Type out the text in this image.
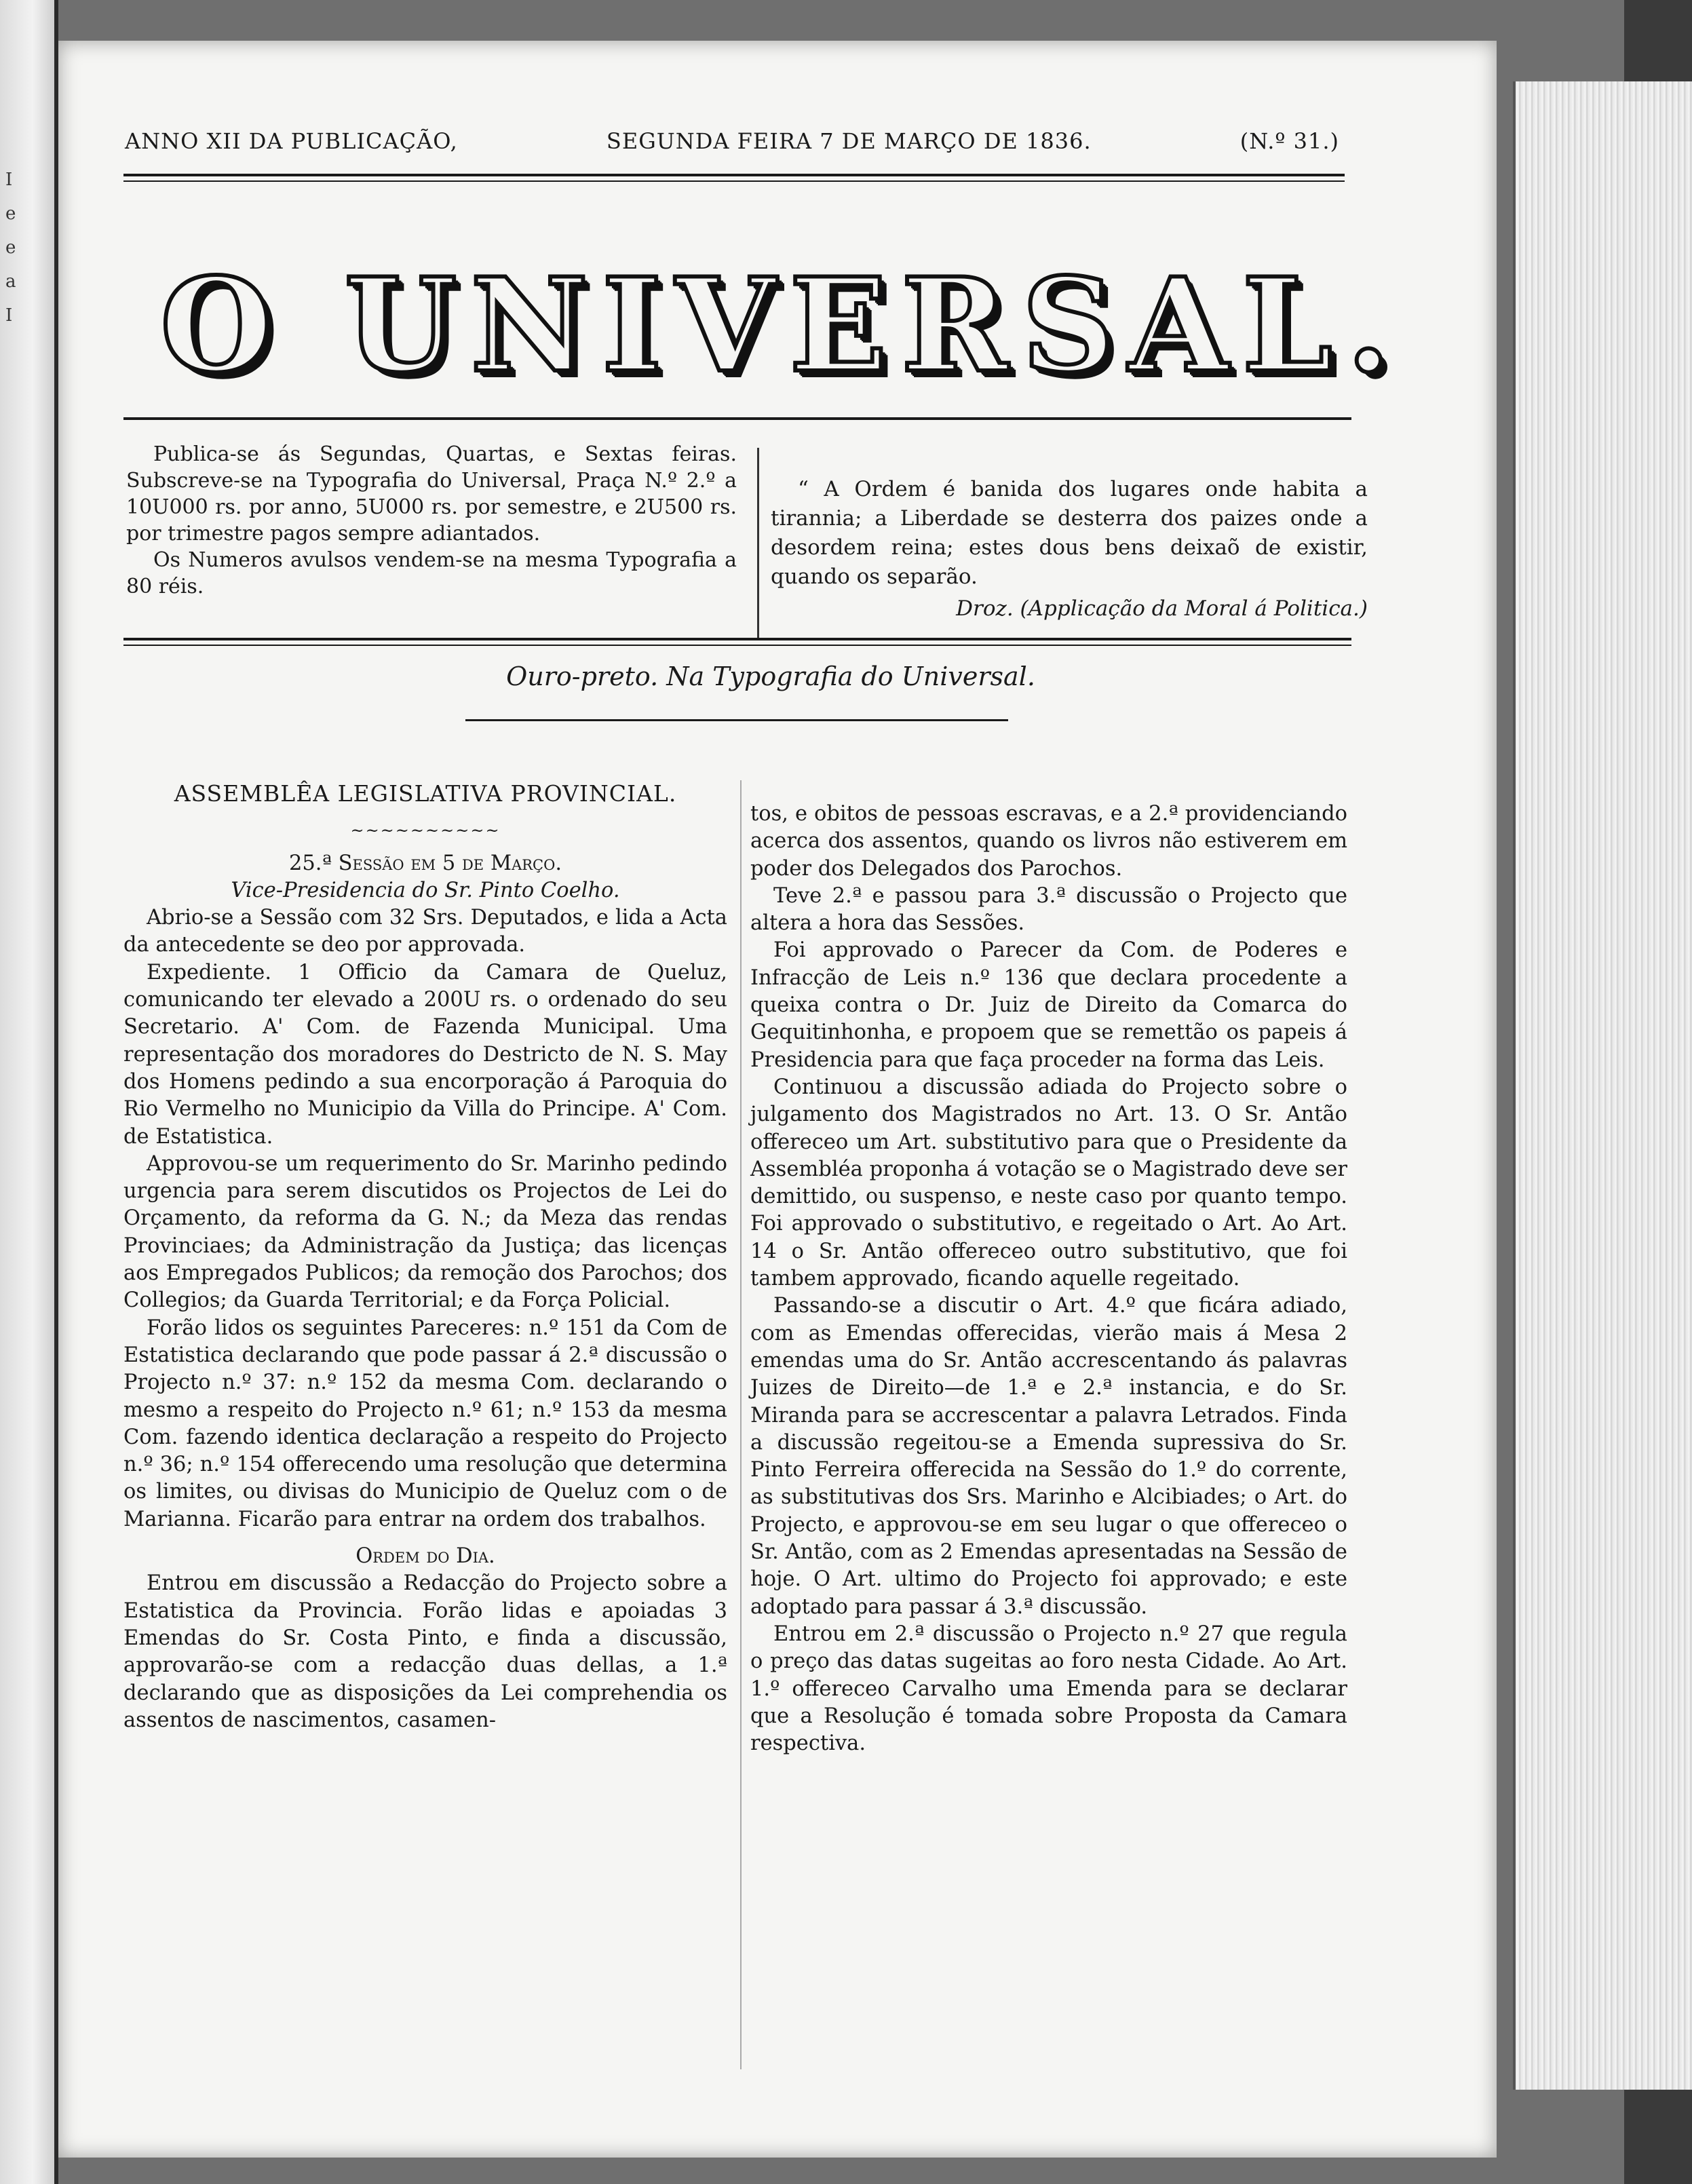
e
e
a
I
I
ANNO XII DA PUBLICAÇÃO,	SEGUNDA FEIRA 7 DE MARÇO DE 1836.	(N.º 31.)
O UNIVERSAL.

Publica-se ás Segundas, Quartas, e Sextas feiras. Subscreve-se na Typografia do Universal, Praça N.º 2.º a 10U000 rs. por anno, 5U000 rs. por semestre, e 2U500 rs. por trimestre pagos sempre adiantados.

Os Numeros avulsos vendem-se na mesma Typografia a 80 réis.

“ A Ordem é banida dos lugares onde habita a tirannia; a Liberdade se desterra dos paizes onde a desordem reina; estes dous bens deixaõ de existir, quando os separão.

Droz. (Applicação da Moral á Politica.)

Ouro-preto. Na Typografia do Universal.

ASSEMBLÊA LEGISLATIVA PROVINCIAL.

~~~~~~~~~~

25.ª Sessão em 5 de Março.

Vice-Presidencia do Sr. Pinto Coelho.

Abrio-se a Sessão com 32 Srs. Deputados, e lida a Acta da antecedente se deo por approvada.

Expediente. 1 Officio da Camara de Queluz, comunicando ter elevado a 200U rs. o ordenado do seu Secretario. A' Com. de Fazenda Municipal. Uma representação dos moradores do Destricto de N. S. May dos Homens pedindo a sua encorporação á Paroquia do Rio Vermelho no Municipio da Villa do Principe. A' Com. de Estatistica.

Approvou-se um requerimento do Sr. Marinho pedindo urgencia para serem discutidos os Projectos de Lei do Orçamento, da reforma da G. N.; da Meza das rendas Provinciaes; da Administração da Justiça; das licenças aos Empregados Publicos; da remoção dos Parochos; dos Collegios; da Guarda Territorial; e da Força Policial.

Forão lidos os seguintes Pareceres: n.º 151 da Com de Estatistica declarando que pode passar á 2.ª discussão o Projecto n.º 37: n.º 152 da mesma Com. declarando o mesmo a respeito do Projecto n.º 61; n.º 153 da mesma Com. fazendo identica declaração a respeito do Projecto n.º 36; n.º 154 offerecendo uma resolução que determina os limites, ou divisas do Municipio de Queluz com o de Marianna. Ficarão para entrar na ordem dos trabalhos.

Ordem do Dia.

Entrou em discussão a Redacção do Projecto sobre a Estatistica da Provincia. Forão lidas e apoiadas 3 Emendas do Sr. Costa Pinto, e finda a discussão, approvarão-se com a redacção duas dellas, a 1.ª declarando que as disposições da Lei comprehendia os assentos de nascimentos, casamen-

tos, e obitos de pessoas escravas, e a 2.ª providenciando acerca dos assentos, quando os livros não estiverem em poder dos Delegados dos Parochos.

Teve 2.ª e passou para 3.ª discussão o Projecto que altera a hora das Sessões.

Foi approvado o Parecer da Com. de Poderes e Infracção de Leis n.º 136 que declara procedente a queixa contra o Dr. Juiz de Direito da Comarca do Gequitinhonha, e propoem que se remettão os papeis á Presidencia para que faça proceder na forma das Leis.

Continuou a discussão adiada do Projecto sobre o julgamento dos Magistrados no Art. 13. O Sr. Antão offereceo um Art. substitutivo para que o Presidente da Assembléa proponha á votação se o Magistrado deve ser demittido, ou suspenso, e neste caso por quanto tempo. Foi approvado o substitutivo, e regeitado o Art. Ao Art. 14 o Sr. Antão offereceo outro substitutivo, que foi tambem approvado, ficando aquelle regeitado.

Passando-se a discutir o Art. 4.º que ficára adiado, com as Emendas offerecidas, vierão mais á Mesa 2 emendas uma do Sr. Antão accrescentando ás palavras Juizes de Direito—de 1.ª e 2.ª instancia, e do Sr. Miranda para se accrescentar a palavra Letrados. Finda a discussão regeitou-se a Emenda supressiva do Sr. Pinto Ferreira offerecida na Sessão do 1.º do corrente, as substitutivas dos Srs. Marinho e Alcibiades; o Art. do Projecto, e approvou-se em seu lugar o que offereceo o Sr. Antão, com as 2 Emendas apresentadas na Sessão de hoje. O Art. ultimo do Projecto foi approvado; e este adoptado para passar á 3.ª discussão.

Entrou em 2.ª discussão o Projecto n.º 27 que regula o preço das datas sugeitas ao foro nesta Cidade. Ao Art. 1.º offereceo Carvalho uma Emenda para se declarar que a Resolução é tomada sobre Proposta da Camara respectiva.
